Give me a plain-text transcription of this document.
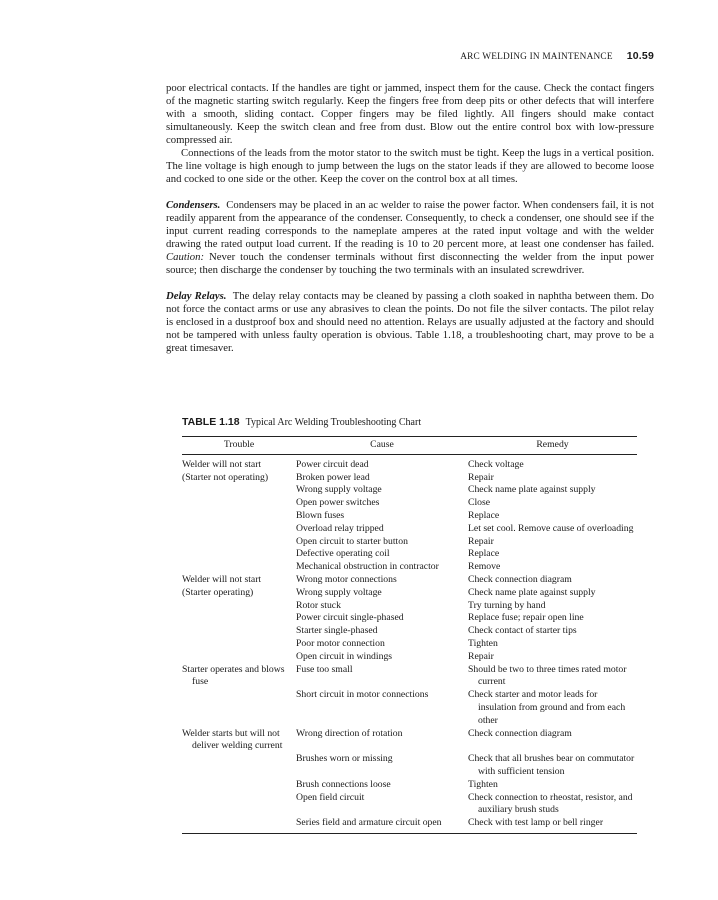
ARC WELDING IN MAINTENANCE 10.59

poor electrical contacts. If the handles are tight or jammed, inspect them for the cause. Check the contact fingers of the magnetic starting switch regularly. Keep the fingers free from deep pits or other defects that will interfere with a smooth, sliding contact. Copper fingers may be filed lightly. All fingers should make contact simultaneously. Keep the switch clean and free from dust. Blow out the entire control box with low-pressure compressed air.

Connections of the leads from the motor stator to the switch must be tight. Keep the lugs in a vertical position. The line voltage is high enough to jump between the lugs on the stator leads if they are allowed to become loose and cocked to one side or the other. Keep the cover on the control box at all times.

Condensers. Condensers may be placed in an ac welder to raise the power factor. When condensers fail, it is not readily apparent from the appearance of the condenser. Consequently, to check a condenser, one should see if the input current reading corresponds to the nameplate amperes at the rated input voltage and with the welder drawing the rated output load current. If the reading is 10 to 20 percent more, at least one condenser has failed. Caution: Never touch the condenser terminals without first disconnecting the welder from the input power source; then discharge the condenser by touching the two terminals with an insulated screwdriver.

Delay Relays. The delay relay contacts may be cleaned by passing a cloth soaked in naphtha between them. Do not force the contact arms or use any abrasives to clean the points. Do not file the silver contacts. The pilot relay is enclosed in a dustproof box and should need no attention. Relays are usually adjusted at the factory and should not be tampered with unless faulty operation is obvious. Table 1.18, a troubleshooting chart, may prove to be a great timesaver.

TABLE 1.18 Typical Arc Welding Troubleshooting Chart
Trouble	Cause	Remedy

Welder will not start	Power circuit dead	Check voltage

(Starter not operating)	Broken power lead	Repair

	Wrong supply voltage	Check name plate against supply

	Open power switches	Close

	Blown fuses	Replace

	Overload relay tripped	Let set cool. Remove cause of overloading

	Open circuit to starter button	Repair

	Defective operating coil	Replace

	Mechanical obstruction in contractor	Remove

Welder will not start	Wrong motor connections	Check connection diagram

(Starter operating)	Wrong supply voltage	Check name plate against supply

	Rotor stuck	Try turning by hand

	Power circuit single-phased	Replace fuse; repair open line

	Starter single-phased	Check contact of starter tips

	Poor motor connection	Tighten

	Open circuit in windings	Repair

Starter operates and blows fuse	Fuse too small	Should be two to three times rated motor current

	Short circuit in motor connections	Check starter and motor leads for insulation from ground and from each other

Welder starts but will not deliver welding current	Wrong direction of rotation	Check connection diagram

	Brushes worn or missing	Check that all brushes bear on commutator with sufficient tension

	Brush connections loose	Tighten

	Open field circuit	Check connection to rheostat, resistor, and auxiliary brush studs

	Series field and armature circuit open	Check with test lamp or bell ringer
